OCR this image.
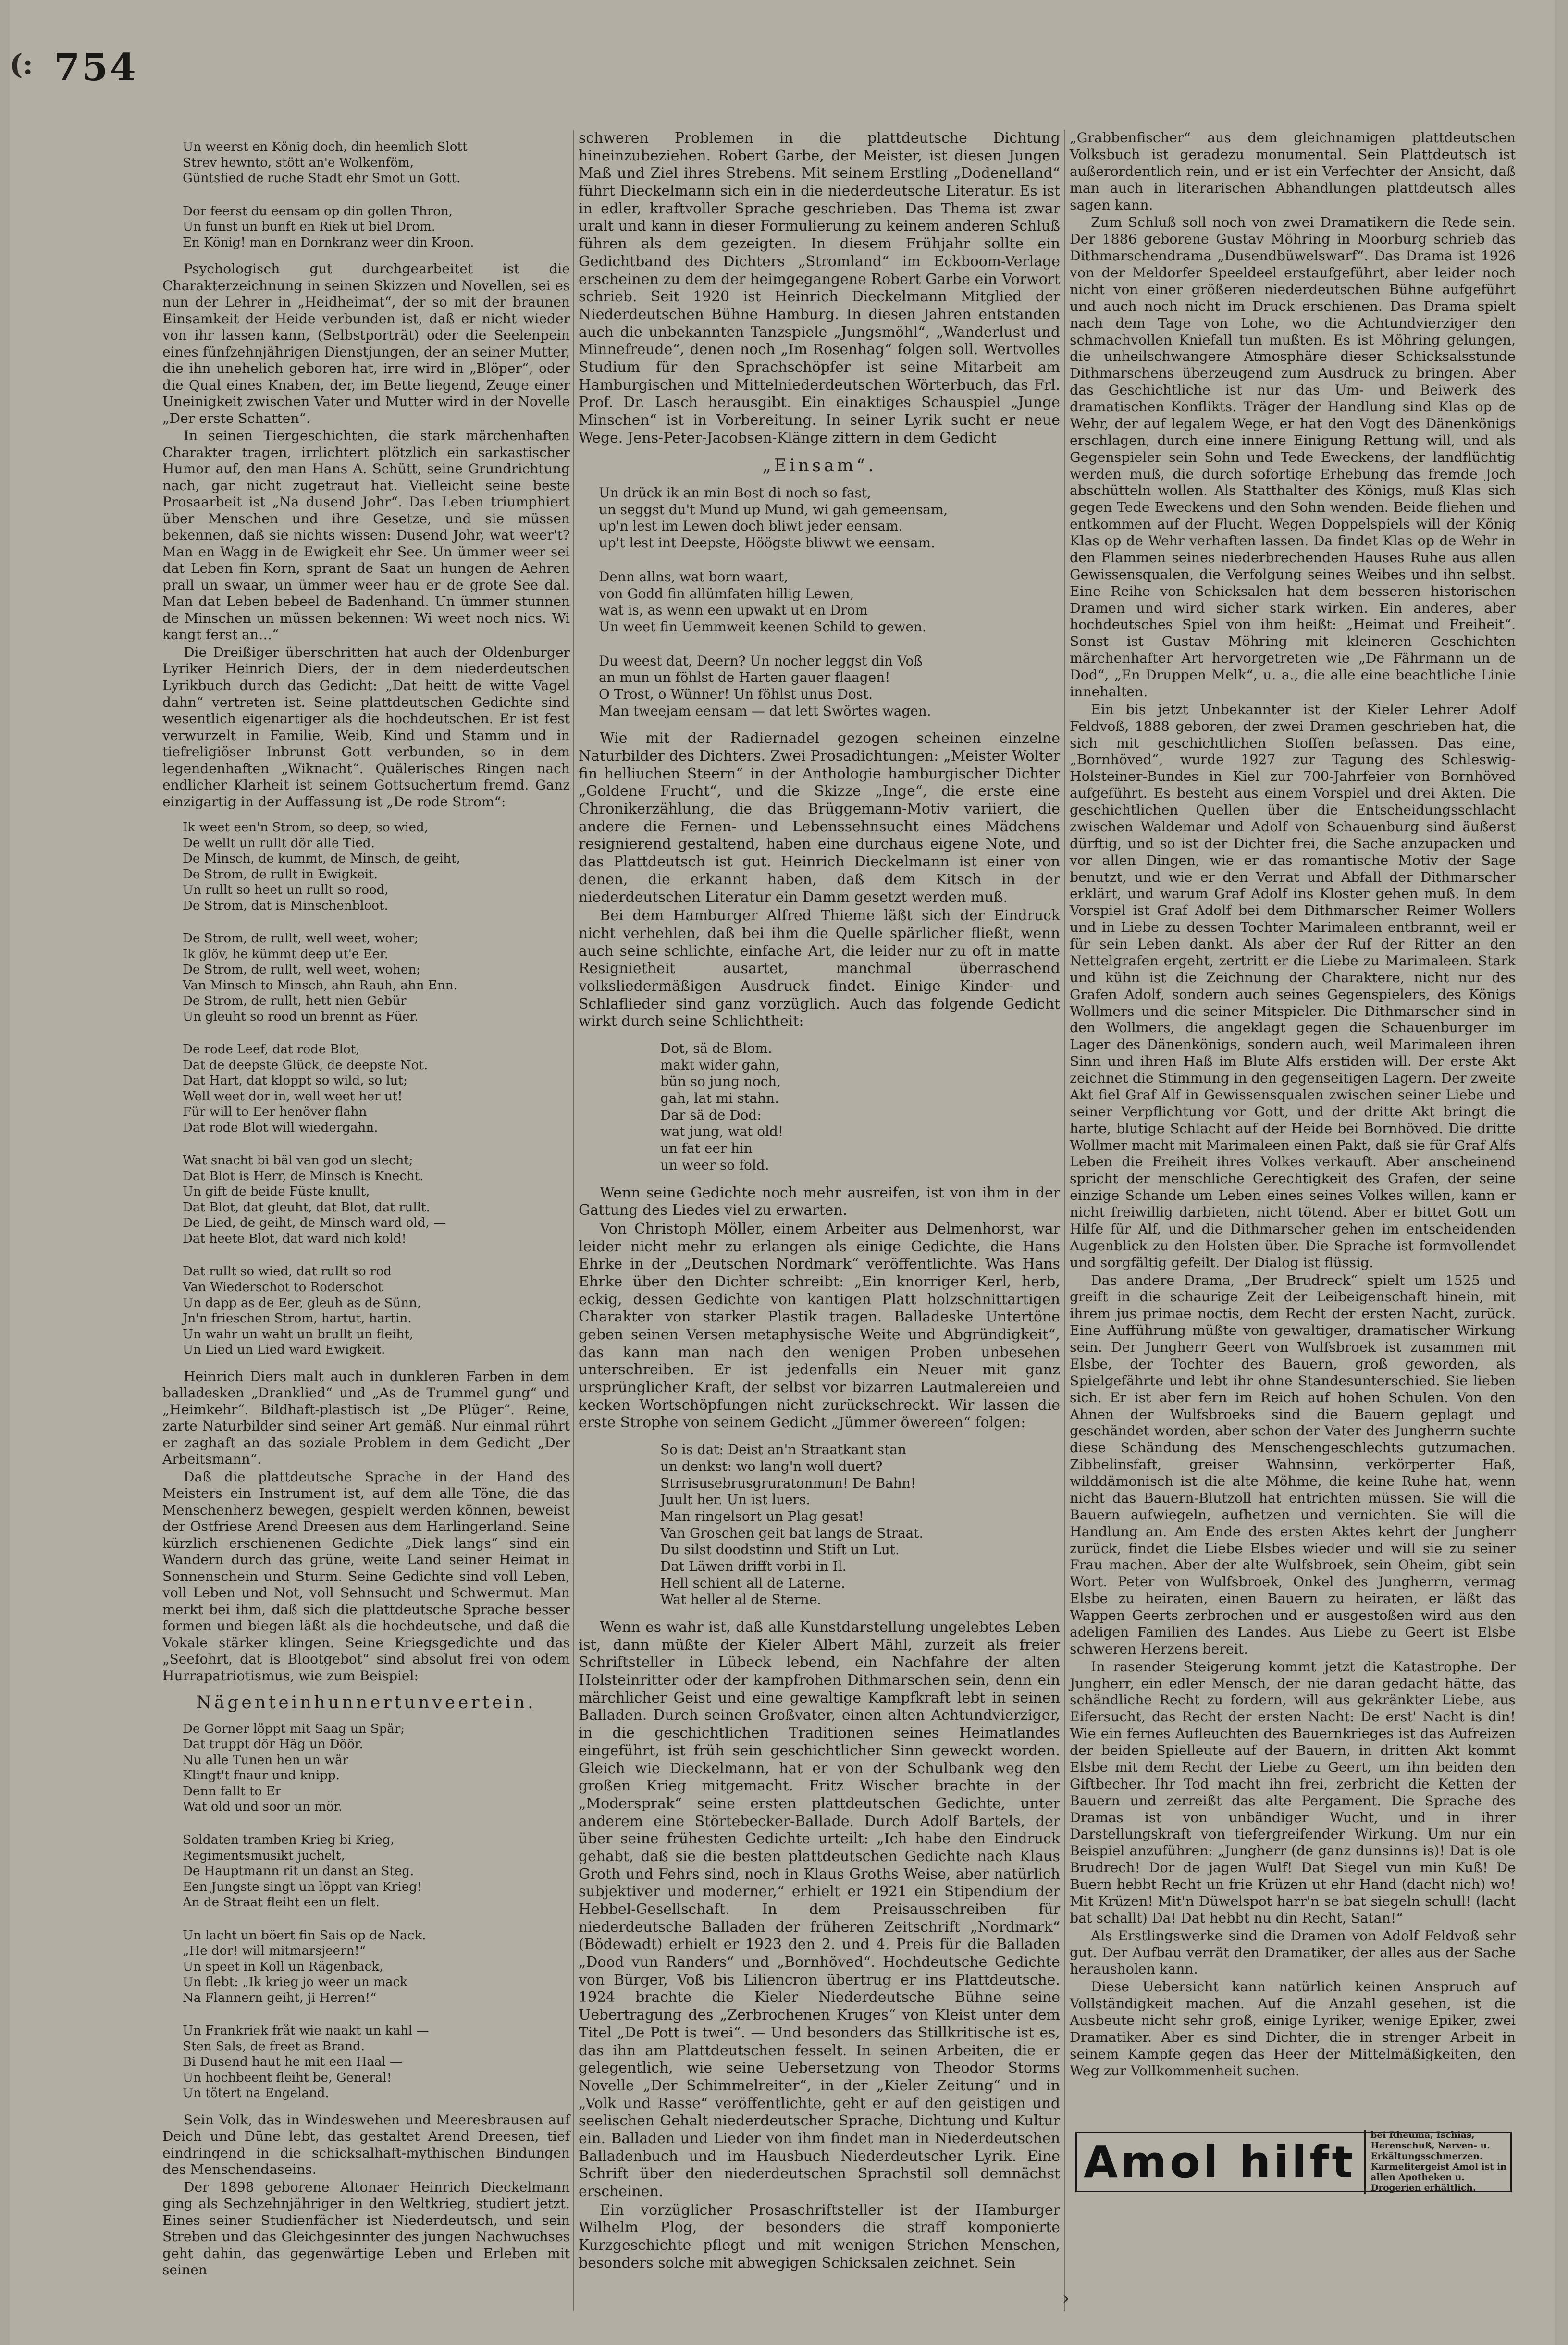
(: 754
Un weerst en König doch, din heemlich Slott
Strev hewnto, stött an'e Wolkenföm,
Güntsfied de ruche Stadt ehr Smot un Gott.
Dor feerst du eensam op din gollen Thron,
Un funst un bunft en Riek ut biel Drom.
En König! man en Dornkranz weer din Kroon.

Psychologisch gut durchgearbeitet ist die Charakterzeichnung in seinen Skizzen und Novellen, sei es nun der Lehrer in „Heidheimat“, der so mit der braunen Einsamkeit der Heide verbunden ist, daß er nicht wieder von ihr lassen kann, (Selbstporträt) oder die Seelenpein eines fünfzehnjährigen Dienstjungen, der an seiner Mutter, die ihn unehelich geboren hat, irre wird in „Blöper“, oder die Qual eines Knaben, der, im Bette liegend, Zeuge einer Uneinigkeit zwischen Vater und Mutter wird in der Novelle „Der erste Schatten“.

In seinen Tiergeschichten, die stark märchenhaften Charakter tragen, irrlichtert plötzlich ein sarkastischer Humor auf, den man Hans A. Schütt, seine Grundrichtung nach, gar nicht zugetraut hat. Vielleicht seine beste Prosaarbeit ist „Na dusend Johr“. Das Leben triumphiert über Menschen und ihre Gesetze, und sie müssen bekennen, daß sie nichts wissen: Dusend Johr, wat weer't? Man en Wagg in de Ewigkeit ehr See. Un ümmer weer sei dat Leben fin Korn, sprant de Saat un hungen de Aehren prall un swaar, un ümmer weer hau er de grote See dal. Man dat Leben bebeel de Badenhand. Un ümmer stunnen de Minschen un müssen bekennen: Wi weet noch nics. Wi kangt ferst an…“

Die Dreißiger überschritten hat auch der Oldenburger Lyriker Heinrich Diers, der in dem niederdeutschen Lyrikbuch durch das Gedicht: „Dat heitt de witte Vagel dahn“ vertreten ist. Seine plattdeutschen Gedichte sind wesentlich eigenartiger als die hochdeutschen. Er ist fest verwurzelt in Familie, Weib, Kind und Stamm und in tiefreligiöser Inbrunst Gott verbunden, so in dem legendenhaften „Wiknacht“. Quälerisches Ringen nach endlicher Klarheit ist seinem Gottsuchertum fremd. Ganz einzigartig in der Auffassung ist „De rode Strom“:

Ik weet een'n Strom, so deep, so wied,
De wellt un rullt dör alle Tied.
De Minsch, de kummt, de Minsch, de geiht,
De Strom, de rullt in Ewigkeit.
Un rullt so heet un rullt so rood,
De Strom, dat is Minschenbloot.
De Strom, de rullt, well weet, woher;
Ik glöv, he kümmt deep ut'e Eer.
De Strom, de rullt, well weet, wohen;
Van Minsch to Minsch, ahn Rauh, ahn Enn.
De Strom, de rullt, hett nien Gebür
Un gleuht so rood un brennt as Füer.
De rode Leef, dat rode Blot,
Dat de deepste Glück, de deepste Not.
Dat Hart, dat kloppt so wild, so lut;
Well weet dor in, well weet her ut!
Für will to Eer henöver flahn
Dat rode Blot will wiedergahn.
Wat snacht bi bäl van god un slecht;
Dat Blot is Herr, de Minsch is Knecht.
Un gift de beide Füste knullt,
Dat Blot, dat gleuht, dat Blot, dat rullt.
De Lied, de geiht, de Minsch ward old, —
Dat heete Blot, dat ward nich kold!
Dat rullt so wied, dat rullt so rod
Van Wiederschot to Roderschot
Un dapp as de Eer, gleuh as de Sünn,
Jn'n frieschen Strom, hartut, hartin.
Un wahr un waht un brullt un fleiht,
Un Lied un Lied ward Ewigkeit.

Heinrich Diers malt auch in dunkleren Farben in dem balladesken „Dranklied“ und „As de Trummel gung“ und „Heimkehr“. Bildhaft-plastisch ist „De Plüger“. Reine, zarte Naturbilder sind seiner Art gemäß. Nur einmal rührt er zaghaft an das soziale Problem in dem Gedicht „Der Arbeitsmann“.

Daß die plattdeutsche Sprache in der Hand des Meisters ein Instrument ist, auf dem alle Töne, die das Menschenherz bewegen, gespielt werden können, beweist der Ostfriese Arend Dreesen aus dem Harlingerland. Seine kürzlich erschienenen Gedichte „Diek langs“ sind ein Wandern durch das grüne, weite Land seiner Heimat in Sonnenschein und Sturm. Seine Gedichte sind voll Leben, voll Leben und Not, voll Sehnsucht und Schwermut. Man merkt bei ihm, daß sich die plattdeutsche Sprache besser formen und biegen läßt als die hochdeutsche, und daß die Vokale stärker klingen. Seine Kriegsgedichte und das „Seefohrt, dat is Blootgebot“ sind absolut frei von odem Hurrapatriotismus, wie zum Beispiel:

Nägenteinhunnertunveertein.
De Gorner löppt mit Saag un Spär;
Dat truppt dör Häg un Döör.
Nu alle Tunen hen un wär
Klingt't fnaur und knipp.
Denn fallt to Er
Wat old und soor un mör.
Soldaten tramben Krieg bi Krieg,
Regimentsmusikt juchelt,
De Hauptmann rit un danst an Steg.
Een Jungste singt un löppt van Krieg!
An de Straat fleiht een un flelt.
Un lacht un böert fin Sais op de Nack.
„He dor! will mitmarsjeern!“
Un speet in Koll un Rägenback,
Un flebt: „Ik krieg jo weer un mack
Na Flannern geiht, ji Herren!“
Un Frankriek fråt wie naakt un kahl —
Sten Sals, de freet as Brand.
Bi Dusend haut he mit een Haal —
Un hochbeent fleiht be, General!
Un tötert na Engeland.

Sein Volk, das in Windeswehen und Meeresbrausen auf Deich und Düne lebt, das gestaltet Arend Dreesen, tief eindringend in die schicksalhaft-mythischen Bindungen des Menschendaseins.

Der 1898 geborene Altonaer Heinrich Dieckelmann ging als Sechzehnjähriger in den Weltkrieg, studiert jetzt. Eines seiner Studienfächer ist Niederdeutsch, und sein Streben und das Gleichgesinnter des jungen Nachwuchses geht dahin, das gegenwärtige Leben und Erleben mit seinen

schweren Problemen in die plattdeutsche Dichtung hineinzubeziehen. Robert Garbe, der Meister, ist diesen Jungen Maß und Ziel ihres Strebens. Mit seinem Erstling „Dodenelland“ führt Dieckelmann sich ein in die niederdeutsche Literatur. Es ist in edler, kraftvoller Sprache geschrieben. Das Thema ist zwar uralt und kann in dieser Formulierung zu keinem anderen Schluß führen als dem gezeigten. In diesem Frühjahr sollte ein Gedichtband des Dichters „Stromland“ im Eckboom-Verlage erscheinen zu dem der heimgegangene Robert Garbe ein Vorwort schrieb. Seit 1920 ist Heinrich Dieckelmann Mitglied der Niederdeutschen Bühne Hamburg. In diesen Jahren entstanden auch die unbekannten Tanzspiele „Jungsmöhl“, „Wanderlust und Minnefreude“, denen noch „Im Rosenhag“ folgen soll. Wertvolles Studium für den Sprachschöpfer ist seine Mitarbeit am Hamburgischen und Mittelniederdeutschen Wörterbuch, das Frl. Prof. Dr. Lasch herausgibt. Ein einaktiges Schauspiel „Junge Minschen“ ist in Vorbereitung. In seiner Lyrik sucht er neue Wege. Jens-Peter-Jacobsen-Klänge zittern in dem Gedicht

„Einsam“.
Un drück ik an min Bost di noch so fast,
un seggst du't Mund up Mund, wi gah gemeensam,
up'n lest im Lewen doch bliwt jeder eensam.
up't lest int Deepste, Höögste bliwwt we eensam.
Denn allns, wat born waart,
von Godd fin allümfaten hillig Lewen,
wat is, as wenn een upwakt ut en Drom
Un weet fin Uemmweit keenen Schild to gewen.
Du weest dat, Deern? Un nocher leggst din Voß
an mun un föhlst de Harten gauer flaagen!
O Trost, o Wünner! Un föhlst unus Dost.
Man tweejam eensam — dat lett Swörtes wagen.

Wie mit der Radiernadel gezogen scheinen einzelne Naturbilder des Dichters. Zwei Prosadichtungen: „Meister Wolter fin helliuchen Steern“ in der Anthologie hamburgischer Dichter „Goldene Frucht“, und die Skizze „Inge“, die erste eine Chronikerzählung, die das Brüggemann-Motiv variiert, die andere die Fernen- und Lebenssehnsucht eines Mädchens resignierend gestaltend, haben eine durchaus eigene Note, und das Plattdeutsch ist gut. Heinrich Dieckelmann ist einer von denen, die erkannt haben, daß dem Kitsch in der niederdeutschen Literatur ein Damm gesetzt werden muß.

Bei dem Hamburger Alfred Thieme läßt sich der Eindruck nicht verhehlen, daß bei ihm die Quelle spärlicher fließt, wenn auch seine schlichte, einfache Art, die leider nur zu oft in matte Resignietheit ausartet, manchmal überraschend volksliedermäßigen Ausdruck findet. Einige Kinder- und Schlaflieder sind ganz vorzüglich. Auch das folgende Gedicht wirkt durch seine Schlichtheit:

Dot, sä de Blom.
makt wider gahn,
bün so jung noch,
gah, lat mi stahn.
Dar sä de Dod:
wat jung, wat old!
un fat eer hin
un weer so fold.

Wenn seine Gedichte noch mehr ausreifen, ist von ihm in der Gattung des Liedes viel zu erwarten.

Von Christoph Möller, einem Arbeiter aus Delmenhorst, war leider nicht mehr zu erlangen als einige Gedichte, die Hans Ehrke in der „Deutschen Nordmark“ veröffentlichte. Was Hans Ehrke über den Dichter schreibt: „Ein knorriger Kerl, herb, eckig, dessen Gedichte von kantigen Platt holzschnittartigen Charakter von starker Plastik tragen. Balladeske Untertöne geben seinen Versen metaphysische Weite und Abgründigkeit“, das kann man nach den wenigen Proben unbesehen unterschreiben. Er ist jedenfalls ein Neuer mit ganz ursprünglicher Kraft, der selbst vor bizarren Lautmalereien und kecken Wortschöpfungen nicht zurückschreckt. Wir lassen die erste Strophe von seinem Gedicht „Jümmer öwereen“ folgen:

So is dat: Deist an'n Straatkant stan
un denkst: wo lang'n woll duert?
Strrisusebrusgruratonmun! De Bahn!
Juult her. Un ist luers.
Man ringelsort un Plag gesat!
Van Groschen geit bat langs de Straat.
Du silst doodstinn und Stift un Lut.
Dat Läwen drifft vorbi in Il.
Hell schient all de Laterne.
Wat heller al de Sterne.

Wenn es wahr ist, daß alle Kunstdarstellung ungelebtes Leben ist, dann müßte der Kieler Albert Mähl, zurzeit als freier Schriftsteller in Lübeck lebend, ein Nachfahre der alten Holsteinritter oder der kampfrohen Dithmarschen sein, denn ein märchlicher Geist und eine gewaltige Kampfkraft lebt in seinen Balladen. Durch seinen Großvater, einen alten Achtundvierziger, in die geschichtlichen Traditionen seines Heimatlandes eingeführt, ist früh sein geschichtlicher Sinn geweckt worden. Gleich wie Dieckelmann, hat er von der Schulbank weg den großen Krieg mitgemacht. Fritz Wischer brachte in der „Modersprak“ seine ersten plattdeutschen Gedichte, unter anderem eine Störtebecker-Ballade. Durch Adolf Bartels, der über seine frühesten Gedichte urteilt: „Ich habe den Eindruck gehabt, daß sie die besten plattdeutschen Gedichte nach Klaus Groth und Fehrs sind, noch in Klaus Groths Weise, aber natürlich subjektiver und moderner,“ erhielt er 1921 ein Stipendium der Hebbel-Gesellschaft. In dem Preisausschreiben für niederdeutsche Balladen der früheren Zeitschrift „Nordmark“ (Bödewadt) erhielt er 1923 den 2. und 4. Preis für die Balladen „Dood vun Randers“ und „Bornhöved“. Hochdeutsche Gedichte von Bürger, Voß bis Liliencron übertrug er ins Plattdeutsche. 1924 brachte die Kieler Niederdeutsche Bühne seine Uebertragung des „Zerbrochenen Kruges“ von Kleist unter dem Titel „De Pott is twei“. — Und besonders das Stillkritische ist es, das ihn am Plattdeutschen fesselt. In seinen Arbeiten, die er gelegentlich, wie seine Uebersetzung von Theodor Storms Novelle „Der Schimmelreiter“, in der „Kieler Zeitung“ und in „Volk und Rasse“ veröffentlichte, geht er auf den geistigen und seelischen Gehalt niederdeutscher Sprache, Dichtung und Kultur ein. Balladen und Lieder von ihm findet man in Niederdeutschen Balladenbuch und im Hausbuch Niederdeutscher Lyrik. Eine Schrift über den niederdeutschen Sprachstil soll demnächst erscheinen.

Ein vorzüglicher Prosaschriftsteller ist der Hamburger Wilhelm Plog, der besonders die straff komponierte Kurzgeschichte pflegt und mit wenigen Strichen Menschen, besonders solche mit abwegigen Schicksalen zeichnet. Sein

„Grabbenfischer“ aus dem gleichnamigen plattdeutschen Volksbuch ist geradezu monumental. Sein Plattdeutsch ist außerordentlich rein, und er ist ein Verfechter der Ansicht, daß man auch in literarischen Abhandlungen plattdeutsch alles sagen kann.

Zum Schluß soll noch von zwei Dramatikern die Rede sein. Der 1886 geborene Gustav Möhring in Moorburg schrieb das Dithmarschendrama „Dusendbüwelswarf“. Das Drama ist 1926 von der Meldorfer Speeldeel erstaufgeführt, aber leider noch nicht von einer größeren niederdeutschen Bühne aufgeführt und auch noch nicht im Druck erschienen. Das Drama spielt nach dem Tage von Lohe, wo die Achtundvierziger den schmachvollen Kniefall tun mußten. Es ist Möhring gelungen, die unheilschwangere Atmosphäre dieser Schicksalsstunde Dithmarschens überzeugend zum Ausdruck zu bringen. Aber das Geschichtliche ist nur das Um- und Beiwerk des dramatischen Konflikts. Träger der Handlung sind Klas op de Wehr, der auf legalem Wege, er hat den Vogt des Dänenkönigs erschlagen, durch eine innere Einigung Rettung will, und als Gegenspieler sein Sohn und Tede Eweckens, der landflüchtig werden muß, die durch sofortige Erhebung das fremde Joch abschütteln wollen. Als Statthalter des Königs, muß Klas sich gegen Tede Eweckens und den Sohn wenden. Beide fliehen und entkommen auf der Flucht. Wegen Doppelspiels will der König Klas op de Wehr verhaften lassen. Da findet Klas op de Wehr in den Flammen seines niederbrechenden Hauses Ruhe aus allen Gewissensqualen, die Verfolgung seines Weibes und ihn selbst. Eine Reihe von Schicksalen hat dem besseren historischen Dramen und wird sicher stark wirken. Ein anderes, aber hochdeutsches Spiel von ihm heißt: „Heimat und Freiheit“. Sonst ist Gustav Möhring mit kleineren Geschichten märchenhafter Art hervorgetreten wie „De Fährmann un de Dod“, „En Druppen Melk“, u. a., die alle eine beachtliche Linie innehalten.

Ein bis jetzt Unbekannter ist der Kieler Lehrer Adolf Feldvoß, 1888 geboren, der zwei Dramen geschrieben hat, die sich mit geschichtlichen Stoffen befassen. Das eine, „Bornhöved“, wurde 1927 zur Tagung des Schleswig-Holsteiner-Bundes in Kiel zur 700-Jahrfeier von Bornhöved aufgeführt. Es besteht aus einem Vorspiel und drei Akten. Die geschichtlichen Quellen über die Entscheidungsschlacht zwischen Waldemar und Adolf von Schauenburg sind äußerst dürftig, und so ist der Dichter frei, die Sache anzupacken und vor allen Dingen, wie er das romantische Motiv der Sage benutzt, und wie er den Verrat und Abfall der Dithmarscher erklärt, und warum Graf Adolf ins Kloster gehen muß. In dem Vorspiel ist Graf Adolf bei dem Dithmarscher Reimer Wollers und in Liebe zu dessen Tochter Marimaleen entbrannt, weil er für sein Leben dankt. Als aber der Ruf der Ritter an den Nettelgrafen ergeht, zertritt er die Liebe zu Marimaleen. Stark und kühn ist die Zeichnung der Charaktere, nicht nur des Grafen Adolf, sondern auch seines Gegenspielers, des Königs Wollmers und die seiner Mitspieler. Die Dithmarscher sind in den Wollmers, die angeklagt gegen die Schauenburger im Lager des Dänenkönigs, sondern auch, weil Marimaleen ihren Sinn und ihren Haß im Blute Alfs erstiden will. Der erste Akt zeichnet die Stimmung in den gegenseitigen Lagern. Der zweite Akt fiel Graf Alf in Gewissensqualen zwischen seiner Liebe und seiner Verpflichtung vor Gott, und der dritte Akt bringt die harte, blutige Schlacht auf der Heide bei Bornhöved. Die dritte Wollmer macht mit Marimaleen einen Pakt, daß sie für Graf Alfs Leben die Freiheit ihres Volkes verkauft. Aber anscheinend spricht der menschliche Gerechtigkeit des Grafen, der seine einzige Schande um Leben eines seines Volkes willen, kann er nicht freiwillig darbieten, nicht tötend. Aber er bittet Gott um Hilfe für Alf, und die Dithmarscher gehen im entscheidenden Augenblick zu den Holsten über. Die Sprache ist formvollendet und sorgfältig gefeilt. Der Dialog ist flüssig.

Das andere Drama, „Der Brudreck“ spielt um 1525 und greift in die schaurige Zeit der Leibeigenschaft hinein, mit ihrem jus primae noctis, dem Recht der ersten Nacht, zurück. Eine Aufführung müßte von gewaltiger, dramatischer Wirkung sein. Der Jungherr Geert von Wulfsbroek ist zusammen mit Elsbe, der Tochter des Bauern, groß geworden, als Spielgefährte und lebt ihr ohne Standesunterschied. Sie lieben sich. Er ist aber fern im Reich auf hohen Schulen. Von den Ahnen der Wulfsbroeks sind die Bauern geplagt und geschändet worden, aber schon der Vater des Jungherrn suchte diese Schändung des Menschengeschlechts gutzumachen. Zibbelinsfaft, greiser Wahnsinn, verkörperter Haß, wilddämonisch ist die alte Möhme, die keine Ruhe hat, wenn nicht das Bauern-Blutzoll hat entrichten müssen. Sie will die Bauern aufwiegeln, aufhetzen und vernichten. Sie will die Handlung an. Am Ende des ersten Aktes kehrt der Jungherr zurück, findet die Liebe Elsbes wieder und will sie zu seiner Frau machen. Aber der alte Wulfsbroek, sein Oheim, gibt sein Wort. Peter von Wulfsbroek, Onkel des Jungherrn, vermag Elsbe zu heiraten, einen Bauern zu heiraten, er läßt das Wappen Geerts zerbrochen und er ausgestoßen wird aus den adeligen Familien des Landes. Aus Liebe zu Geert ist Elsbe schweren Herzens bereit.

In rasender Steigerung kommt jetzt die Katastrophe. Der Jungherr, ein edler Mensch, der nie daran gedacht hätte, das schändliche Recht zu fordern, will aus gekränkter Liebe, aus Eifersucht, das Recht der ersten Nacht: De erst' Nacht is din! Wie ein fernes Aufleuchten des Bauernkrieges ist das Aufreizen der beiden Spielleute auf der Bauern, in dritten Akt kommt Elsbe mit dem Recht der Liebe zu Geert, um ihn beiden den Giftbecher. Ihr Tod macht ihn frei, zerbricht die Ketten der Bauern und zerreißt das alte Pergament. Die Sprache des Dramas ist von unbändiger Wucht, und in ihrer Darstellungskraft von tiefergreifender Wirkung. Um nur ein Beispiel anzuführen: „Jungherr (de ganz dunsinns is)! Dat is ole Brudrech! Dor de jagen Wulf! Dat Siegel vun min Kuß! De Buern hebbt Recht un frie Krüzen ut ehr Hand (dacht nich) wo! Mit Krüzen! Mit'n Düwelspot harr'n se bat siegeln schull! (lacht bat schallt) Da! Dat hebbt nu din Recht, Satan!“

Als Erstlingswerke sind die Dramen von Adolf Feldvoß sehr gut. Der Aufbau verrät den Dramatiker, der alles aus der Sache herausholen kann.

Diese Uebersicht kann natürlich keinen Anspruch auf Vollständigkeit machen. Auf die Anzahl gesehen, ist die Ausbeute nicht sehr groß, einige Lyriker, wenige Epiker, zwei Dramatiker. Aber es sind Dichter, die in strenger Arbeit in seinem Kampfe gegen das Heer der Mittelmäßigkeiten, den Weg zur Vollkommenheit suchen.

Amol hilft
bei Rheuma, Ischias, Herenschuß, Nerven- u. Erkältungsschmerzen. Karmelitergeist Amol ist in allen Apotheken u. Drogerien erhältlich.
›
